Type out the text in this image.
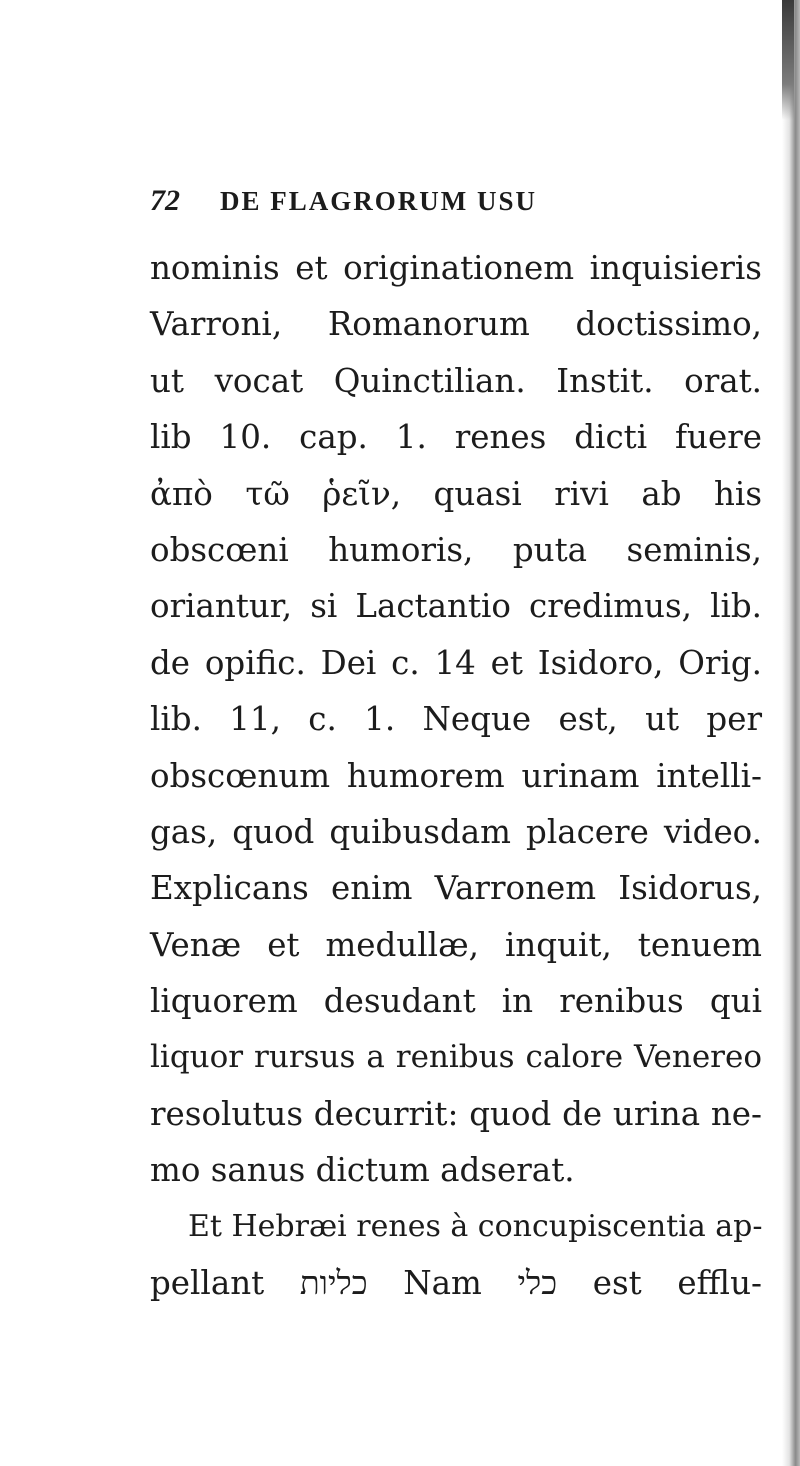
72 DE FLAGRORUM USU
nominis et originationem inquisieris
Varroni, Romanorum doctissimo,
ut vocat Quinctilian. Instit. orat.
lib 10. cap. 1. renes dicti fuere
ἀπὸ τῶ ῥεῖν, quasi rivi ab his
obscœni humoris, puta seminis,
oriantur, si Lactantio credimus, lib.
de opific. Dei c. 14 et Isidoro, Orig.
lib. 11, c. 1. Neque est, ut per
obscœnum humorem urinam intelli-
gas, quod quibusdam placere video.
Explicans enim Varronem Isidorus,
Venæ et medullæ, inquit, tenuem
liquorem desudant in renibus qui
liquor rursus a renibus calore Venereo
resolutus decurrit: quod de urina ne-
mo sanus dictum adserat.
Et Hebræi renes à concupiscentia ap-
pellant כליות Nam כלי est efflu-
